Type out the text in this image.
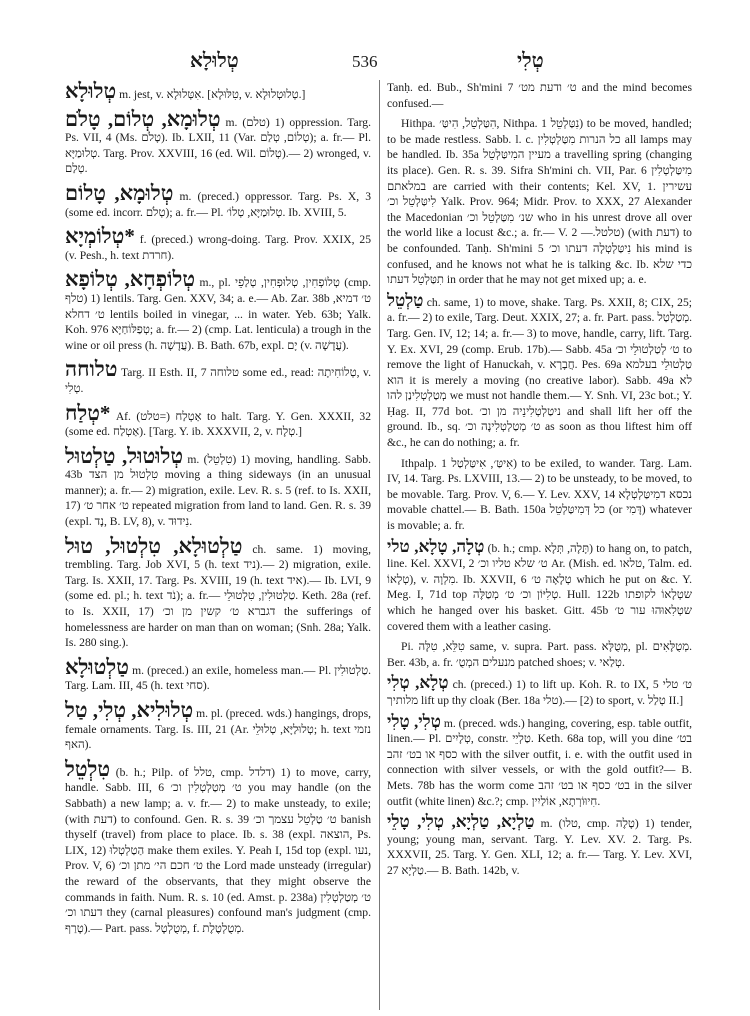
טְלוּלָא	536	טְלִי

טְלוּלָא m. jest, v. אִטְּלוּלָא. [טִלּוּלָא, v. טְלוּטְלוּלָא.]

טְלוּמָא, טְלוֹם, טָלֹם m. (טלם) 1) oppression. Targ. Ps. VII, 4 (Ms. טָלֹם). Ib. LXII, 11 (Var. טְלוֹם, טְלַם); a. fr.— Pl. טְלוּמַיָּא. Targ. Prov. XXVIII, 16 (ed. Wil. טְלוֹם).— 2) wronged, v. טְלַם.

טְלוּמָא, טָלוֹם m. (preced.) oppressor. Targ. Ps. X, 3 (some ed. incorr. טְלֹם); a. fr.— Pl. טְלוּמַיָּא, טְלוֹ׳. Ib. XVIII, 5.

*טְלוֹמְיָא f. (preced.) wrong-doing. Targ. Prov. XXIX, 25 (v. Pesh., h. text חרדת).

טְלוֹפְחָא, טְלוֹפָא m., pl. טְלוֹפְחִין, טְלוּפְחִין, טְלַפֵי (cmp. טלף) 1) lentils. Targ. Gen. XXV, 34; a. e.— Ab. Zar. 38b ט׳ דמיא, ט׳ דחלא lentils boiled in vinegar, ... in water. Yeb. 63b; Yalk. Koh. 976 טְפַלּוֹחַיָּא; a. fr.— 2) (cmp. Lat. lenticula) a trough in the wine or oil press (h. עֲדָשָׁה). B. Bath. 67b, expl. יָם (v. עֲדָשָׁה).

טלוחה Targ. II Esth. II, 7 טלוחה some ed., read: טְלוֹחִיתָה, v. טְלִי.

*טְלַח Af. אַטְלַח (=טלט) to halt. Targ. Y. Gen. XXXII, 32 (some ed. אַטְלַח). [Targ. Y. ib. XXXVII, 2, v. טְלָח.]

טְלוּטוּל, טַלְטוּל m. (טִלְטֵל) 1) moving, handling. Sabb. 43b טִלְטוּל מן הצד moving a thing sideways (in an unusual manner); a. fr.— 2) migration, exile. Lev. R. s. 5 (ref. to Is. XXII, 17) ט׳ אחר ט׳ repeated migration from land to land. Gen. R. s. 39 (expl. נָד, B. LV, 8), v. נִידוּד.

טַלְטוּלָא, טִלְטוּל, טוּל ch. same. 1) moving, trembling. Targ. Job XVI, 5 (h. text ניד).— 2) migration, exile. Targ. Is. XXII, 17. Targ. Ps. XVIII, 19 (h. text איד).— Ib. LVI, 9 (some ed. pl.; h. text נֹד); a. fr.— טַלְטוּלִין, טִלְטוּלֵי. Keth. 28a (ref. to Is. XXII, 17) דגברא ט׳ קשין מן וכ׳ the sufferings of homelessness are harder on man than on woman; (Snh. 28a; Yalk. Is. 280 sing.).

טַלְטוּלָא m. (preced.) an exile, homeless man.— Pl. טַלְטוּלִין. Targ. Lam. III, 45 (h. text סחי).

טְלוּלִיא, טְלִי, טַל m. pl. (preced. wds.) hangings, drops, female ornaments. Targ. Is. III, 21 (Ar. טְלוּלַיָּא, טְלוּלֵי; h. text נזמי האף).

טִלְטֵל (b. h.; Pilp. of טלל, cmp. דלדל) 1) to move, carry, handle. Sabb. III, 6 ט׳ מְטַלְטְלִין וכ׳ you may handle (on the Sabbath) a new lamp; a. v. fr.— 2) to make unsteady, to exile; (with דעת) to confound. Gen. R. s. 39 ט׳ טַלְטֵל עצמך וכ׳ banish thyself (travel) from place to place. Ib. s. 38 (expl. הוצאה, Ps. LIX, 12) הַטַלְטְלוּ make them exiles. Y. Peah I, 15d top (expl. נעו, Prov. V, 6) ט׳ חכם הי׳ מתן וכ׳ the Lord made unsteady (irregular) the reward of the observants, that they might observe the commands in faith. Num. R. s. 10 (ed. Amst. p. 238a) ט׳ מְטַלְטְלִין דעתו וכ׳ they (carnal pleasures) confound man's judgment (cmp. טָרַף).— Part. pass. מְטֻלְטָל, f. מְטֻלְטֶלֶת.

Tanḥ. ed. Bub., Sh'mini 7 ט׳ ודעת מט׳ and the mind becomes confused.—

Hithpa. הִטַּלְטֵל, הִיטַּ׳, Nithpa. נִטַּלְטֵל 1) to be moved, handled; to be made restless. Sabb. l. c. כל הנרות מִטַּלְטְלִין all lamps may be handled. Ib. 35a מעיין המִיטַּלְטֵל a travelling spring (changing its place). Gen. R. s. 39. Sifra Sh'mini ch. VII, Par. 6 מִיטַּלְטְלִין במלאתם are carried with their contents; Kel. XV, 1. עשירין לִיטַּלְטֵל וכ׳ Yalk. Prov. 964; Midr. Prov. to XXX, 27 Alexander the Macedonian שנ׳ מִטַּלְטֵל וכ׳ who in his unrest drove all over the world like a locust &c.; a. fr.— V. טלטל.— 2) (with דעת) to be confounded. Tanḥ. Sh'mini 5 נִיטַּלְטְלָה דעתו וכ׳ his mind is confused, and he knows not what he is talking &c. Ib. כדי שלא תִטַּלְטֵל דעתו in order that he may not get mixed up; a. e.

טַלְטֵל ch. same, 1) to move, shake. Targ. Ps. XXII, 8; CIX, 25; a. fr.— 2) to exile, Targ. Deut. XXIX, 27; a. fr. Part. pass. מְטַלְטַל. Targ. Gen. IV, 12; 14; a. fr.— 3) to move, handle, carry, lift. Targ. Y. Ex. XVI, 29 (comp. Erub. 17b).— Sabb. 45a ט׳ לְטַלְטוּלֵי וכ׳ to remove the light of Hanuckah, v. חֲבָרָא. Pes. 69a טַלְטוּלֵי בעלמא הוא it is merely a moving (no creative labor). Sabb. 49a לא מְטַלְטְלִינַן להו we must not handle them.— Y. Snh. VI, 23c bot.; Y. Ḥag. II, 77d bot. ניטַלְטְלִינֵיה מן וכ׳ and shall lift her off the ground. Ib., sq. ט׳ מְטַלְטְלִינָה וכ׳ as soon as thou liftest him off &c., he can do nothing; a. fr.

Ithpalp. אִיטַּ׳, אִיטַּלְטַל 1) to be exiled, to wander. Targ. Lam. IV, 14. Targ. Ps. LXVIII, 13.— 2) to be unsteady, to be moved, to be movable. Targ. Prov. V, 6.— Y. Lev. XXV, 14 נכסא דמִיטַּלְטְלָא movable chattel.— B. Bath. 150a כל דְּמִיטַּלְטֵל (or דָּמִי) whatever is movable; a. fr.

טְלָה, טָלָא, טלי (b. h.; cmp. תָּלָה, תְּלָא) to hang on, to patch, line. Kel. XXVI, 2 ט׳ שלא טליו וכ׳ Ar. (Mish. ed. טלאו, Talm. ed. טְלָאוֹ), v. מִלְוָה. Ib. XXVII, 6 טְלָאָה ט׳ which he put on &c. Y. Meg. I, 71d top טְלִיּוֹן וכ׳ ט׳ מְטַלֶּה. Hull. 122b שטְלָאוֹ לקופתו which he hanged over his basket. Gitt. 45b שטְלִאוּהוּ עור ט׳ covered them with a leather casing.

Pi. טִלֵּא, טִלָּה same, v. supra. Part. pass. מְטֻלָּא, pl. מְטֻלָּאִים. Ber. 43b, a. fr. מנעלים המְטֻ׳ patched shoes; v. טְלַאי.

טְלָא, טְלִי ch. (preced.) 1) to lift up. Koh. R. to IX, 5 ט׳ טלי מלותיך lift up thy cloak (Ber. 18a טלי).— [2) to sport, v. טְלַל II.]

טְלִי, טָלִי m. (preced. wds.) hanging, covering, esp. table outfit, linen.— Pl. טְלָיִים, constr. טַלְיֵי. Keth. 68a top, will you dine בט׳ כסף או בט׳ זהב with the silver outfit, i. e. with the outfit used in connection with silver vessels, or with the gold outfit?— B. Mets. 78b has the worm come בט׳ כסף או בט׳ זהב in the silver outfit (white linen) &c.?; cmp. חִיוּוֹרְתָא, אוֹלַיִין.

טַלְיָא, טַלְיָא, טְלִי, טָלֵי m. (טלו, cmp. טָלֶה) 1) tender, young; young man, servant. Targ. Y. Lev. XV. 2. Targ. Ps. XXXVII, 25. Targ. Y. Gen. XLI, 12; a. fr.— Targ. Y. Lev. XVI, 27 טַלְיָא.— B. Bath. 142b, v.
